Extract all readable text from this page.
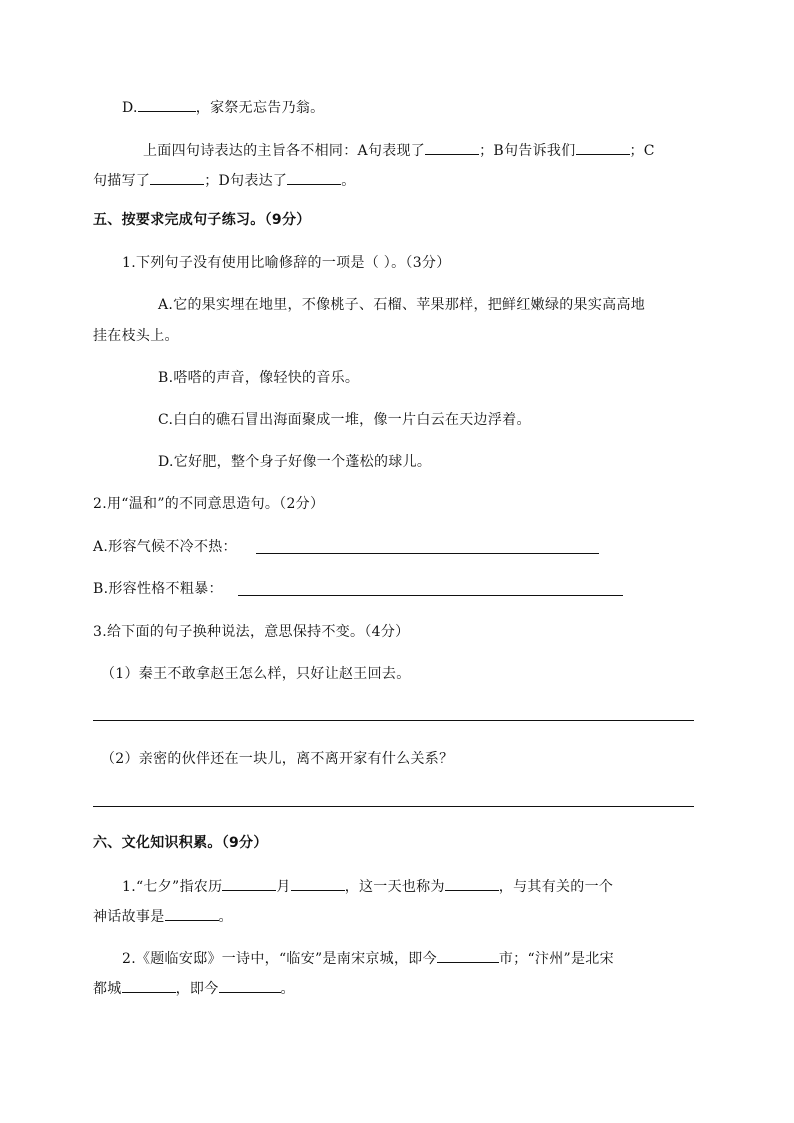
D.	，家祭无忘告乃翁。
上面四句诗表达的主旨各不相同：A句表现了	；B句告诉我们	；C
句描写了	；D句表达了	。
五、按要求完成句子练习。（9分）
1.下列句子没有使用比喻修辞的一项是（ ）。（3分）
A.它的果实埋在地里，不像桃子、石榴、苹果那样，把鲜红嫩绿的果实高高地
挂在枝头上。
B.嗒嗒的声音，像轻快的音乐。
C.白白的礁石冒出海面聚成一堆，像一片白云在天边浮着。
D.它好肥，整个身子好像一个蓬松的球儿。
2.用“温和”的不同意思造句。（2分）
A.形容气候不冷不热：
B.形容性格不粗暴：
3.给下面的句子换种说法，意思保持不变。（4分）
（1）秦王不敢拿赵王怎么样，只好让赵王回去。
（2）亲密的伙伴还在一块儿，离不离开家有什么关系？
六、文化知识积累。（9分）
1.“七夕”指农历	月	，这一天也称为	，与其有关的一个
神话故事是	。
2.《题临安邸》一诗中，“临安”是南宋京城，即今	市；“汴州”是北宋
都城	，即今	。
